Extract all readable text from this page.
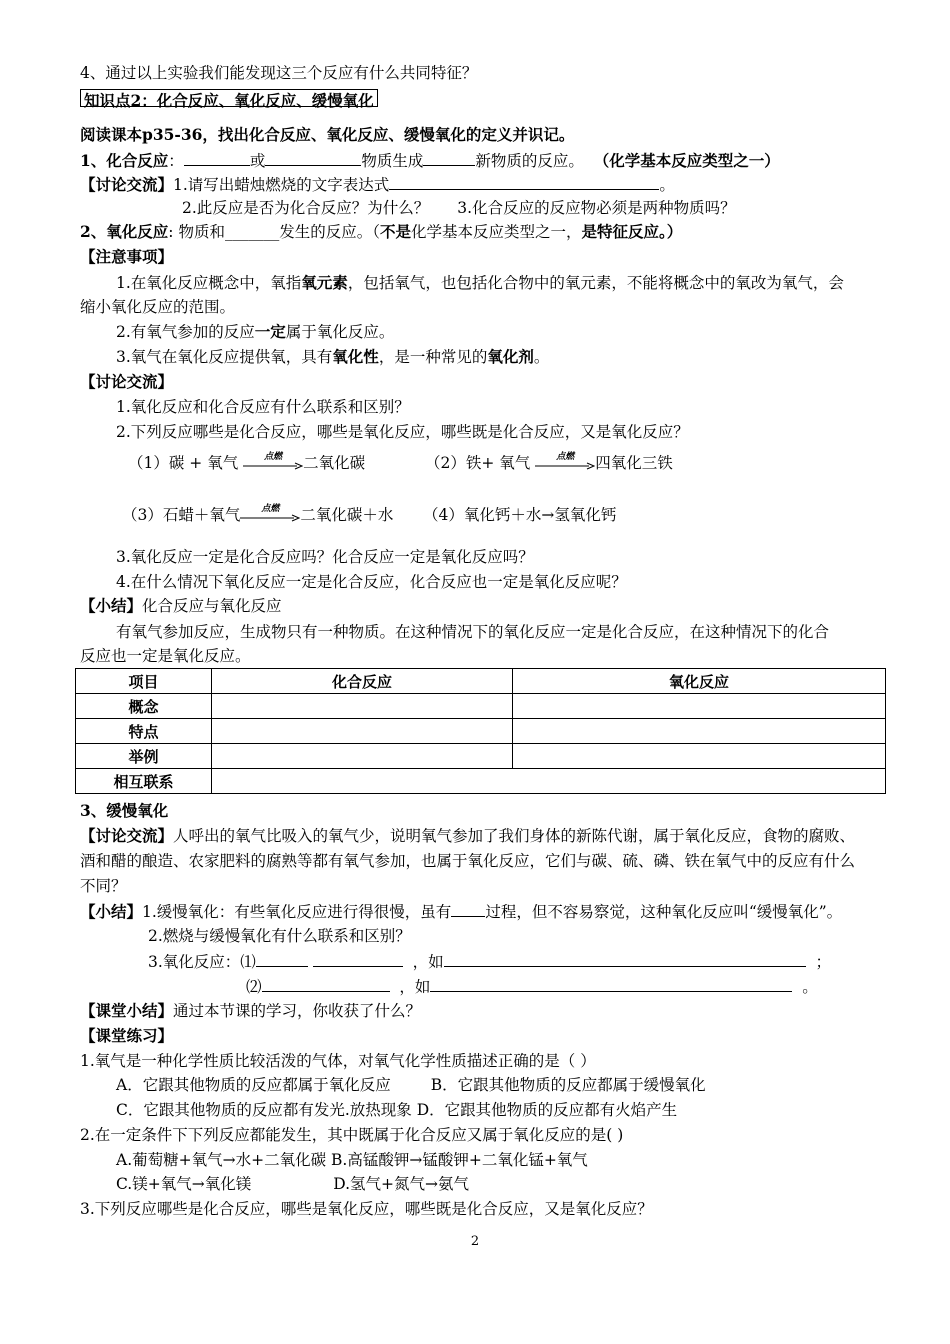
4、通过以上实验我们能发现这三个反应有什么共同特征？
知识点2：化合反应、氧化反应、缓慢氧化
阅读课本p35-36，找出化合反应、氧化反应、缓慢氧化的定义并识记。
1、化合反应：	或	物质生成	新物质的反应。 （化学基本反应类型之一）
【讨论交流】1.请写出蜡烛燃烧的文字表达式	。
2.此反应是否为化合反应？为什么？ 3.化合反应的反应物必须是两种物质吗？
2、氧化反应: 物质和_______发生的反应。（不是化学基本反应类型之一，是特征反应。）
【注意事项】
1.在氧化反应概念中，氧指氧元素，包括氧气，也包括化合物中的氧元素，不能将概念中的氧改为氧气，会
缩小氧化反应的范围。
2.有氧气参加的反应一定属于氧化反应。
3.氧气在氧化反应提供氧，具有氧化性，是一种常见的氧化剂。
【讨论交流】
1.氧化反应和化合反应有什么联系和区别？
2.下列反应哪些是化合反应，哪些是氧化反应，哪些既是化合反应，又是氧化反应？
（1）碳 + 氧气	点燃	二氧化碳	（2）铁+ 氧气	点燃	四氧化三铁
（3）石蜡＋氧气	点燃	二氧化碳＋水 （4）氧化钙＋水→氢氧化钙
3.氧化反应一定是化合反应吗？化合反应一定是氧化反应吗？
4.在什么情况下氧化反应一定是化合反应，化合反应也一定是氧化反应呢？
【小结】化合反应与氧化反应
有氧气参加反应，生成物只有一种物质。在这种情况下的氧化反应一定是化合反应，在这种情况下的化合
反应也一定是氧化反应。
项目	化合反应	氧化反应
概念		
特点		
举例		
相互联系		
3、缓慢氧化
【讨论交流】人呼出的氧气比吸入的氧气少，说明氧气参加了我们身体的新陈代谢，属于氧化反应，食物的腐败、
酒和醋的酿造、农家肥料的腐熟等都有氧气参加，也属于氧化反应，它们与碳、硫、磷、铁在氧气中的反应有什么
不同？
【小结】1.缓慢氧化：有些氧化反应进行得很慢，虽有 过程，但不容易察觉，这种氧化反应叫“缓慢氧化”。
2.燃烧与缓慢氧化有什么联系和区别？
3.氧化反应：⑴	，如	；
⑵	，如	。
【课堂小结】通过本节课的学习，你收获了什么？
【课堂练习】
1.氧气是一种化学性质比较活泼的气体，对氧气化学性质描述正确的是（ ）
A．它跟其他物质的反应都属于氧化反应	B．它跟其他物质的反应都属于缓慢氧化
C．它跟其他物质的反应都有发光.放热现象 D．它跟其他物质的反应都有火焰产生
2.在一定条件下下列反应都能发生，其中既属于化合反应又属于氧化反应的是( )
A.葡萄糖+氧气→水+二氧化碳 B.高锰酸钾→锰酸钾+二氧化锰+氧气
C.镁+氧气→氧化镁	D.氢气+氮气→氨气
3.下列反应哪些是化合反应，哪些是氧化反应，哪些既是化合反应，又是氧化反应？
2
